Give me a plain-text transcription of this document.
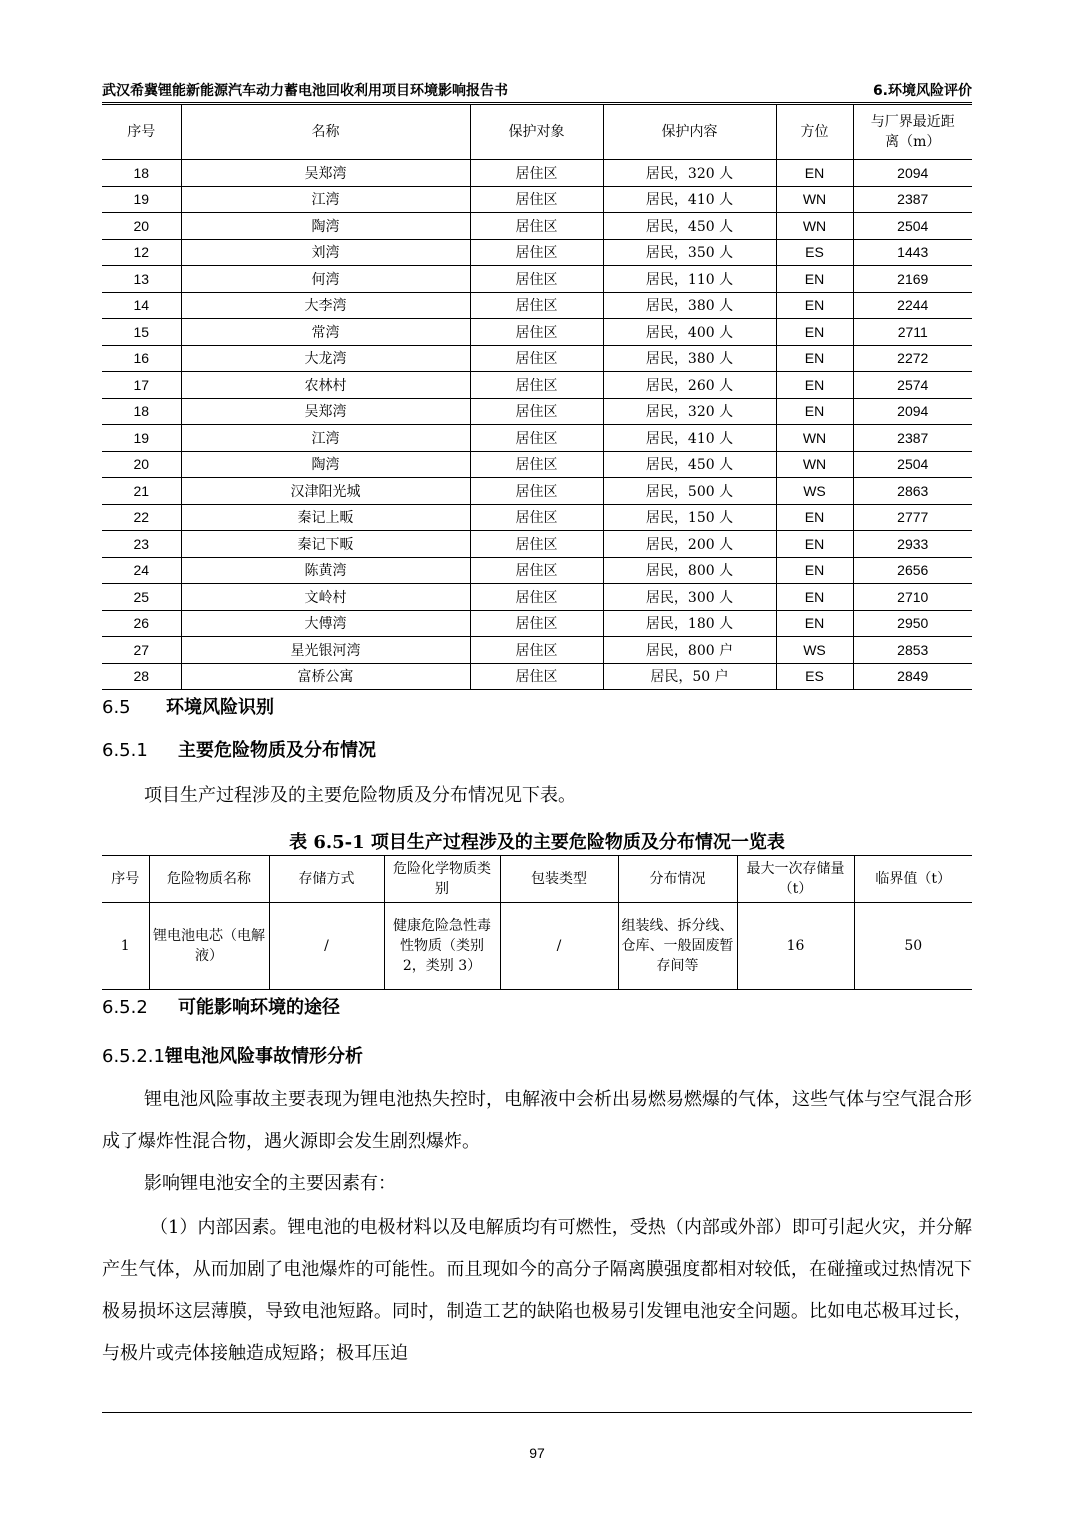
武汉希冀锂能新能源汽车动力蓄电池回收利用项目环境影响报告书	6.环境风险评价
序号	名称	保护对象	保护内容	方位	与厂界最近距离（m）
18	吴郑湾	居住区	居民，320 人	EN	2094
19	江湾	居住区	居民，410 人	WN	2387
20	陶湾	居住区	居民，450 人	WN	2504
12	刘湾	居住区	居民，350 人	ES	1443
13	何湾	居住区	居民，110 人	EN	2169
14	大李湾	居住区	居民，380 人	EN	2244
15	常湾	居住区	居民，400 人	EN	2711
16	大龙湾	居住区	居民，380 人	EN	2272
17	农林村	居住区	居民，260 人	EN	2574
18	吴郑湾	居住区	居民，320 人	EN	2094
19	江湾	居住区	居民，410 人	WN	2387
20	陶湾	居住区	居民，450 人	WN	2504
21	汉津阳光城	居住区	居民，500 人	WS	2863
22	秦记上畈	居住区	居民，150 人	EN	2777
23	秦记下畈	居住区	居民，200 人	EN	2933
24	陈黄湾	居住区	居民，800 人	EN	2656
25	文岭村	居住区	居民，300 人	EN	2710
26	大傅湾	居住区	居民，180 人	EN	2950
27	星光银河湾	居住区	居民，800 户	WS	2853
28	富桥公寓	居住区	居民，50 户	ES	2849
6.5 环境风险识别
6.5.1 主要危险物质及分布情况
项目生产过程涉及的主要危险物质及分布情况见下表。
表 6.5-1 项目生产过程涉及的主要危险物质及分布情况一览表
序号	危险物质名称	存储方式	危险化学物质类别	包装类型	分布情况	最大一次存储量（t）	临界值（t）
1	锂电池电芯（电解液）	/	健康危险急性毒性物质（类别 2，类别 3）	/	组装线、拆分线、仓库、一般固废暂存间等	16	50
6.5.2 可能影响环境的途径
6.5.2.1锂电池风险事故情形分析
锂电池风险事故主要表现为锂电池热失控时，电解液中会析出易燃易燃爆的气体，这些气体与空气混合形成了爆炸性混合物，遇火源即会发生剧烈爆炸。
影响锂电池安全的主要因素有：
（1）内部因素。锂电池的电极材料以及电解质均有可燃性，受热（内部或外部）即可引起火灾，并分解产生气体，从而加剧了电池爆炸的可能性。而且现如今的高分子隔离膜强度都相对较低，在碰撞或过热情况下极易损坏这层薄膜，导致电池短路。同时，制造工艺的缺陷也极易引发锂电池安全问题。比如电芯极耳过长，与极片或壳体接触造成短路；极耳压迫
97
